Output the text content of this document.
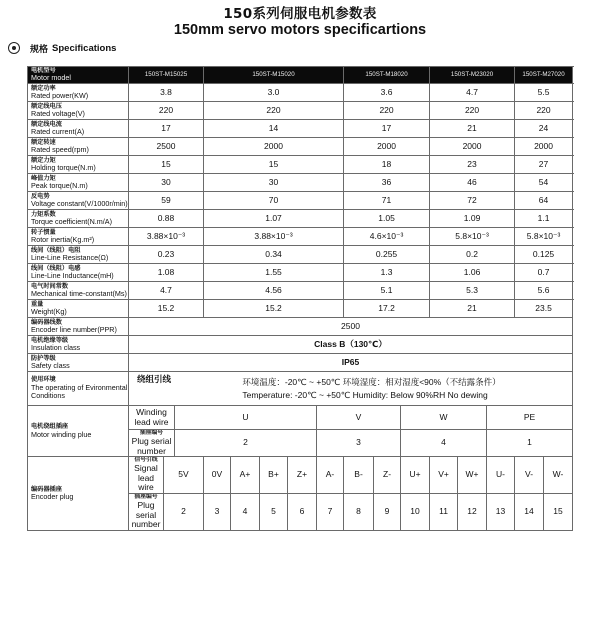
150系列伺服电机参数表
150mm servo motors specificartions
规格 Specifications
电机型号
Motor model	150ST-M15025			150ST-M15020					150ST-M18020			150ST-M23020			150ST-M27020		

额定功率
Rated power(KW)	3.8			3.0					3.6			4.7			5.5		

额定线电压
Rated voltage(V)	220			220					220			220			220		

额定线电流
Rated current(A)	17			14					17			21			24		

额定转速
Rated speed(rpm)	2500			2000					2000			2000			2000		

额定力矩
Holding torque(N.m)	15			15					18			23			27		

峰值力矩
Peak torque(N.m)	30			30					36			46			54		

反电势
Voltage constant(V/1000r/min)	59			70					71			72			64		

力矩系数
Torque coefficient(N.m/A)	0.88			1.07					1.05			1.09			1.1		

转子惯量
Rotor inertia(Kg.m²)	3.88×10⁻³			3.88×10⁻³					4.6×10⁻³			5.8×10⁻³			5.8×10⁻³		

线间（线阻）电阻
Line-Line Resistance(Ω)	0.23			0.34					0.255			0.2			0.125		

线间（线阻）电感
Line-Line Inductance(mH)	1.08			1.55					1.3			1.06			0.7		

电气时间常数
Mechanical time-constant(Ms)	4.7			4.56					5.1			5.3			5.6		

重量
Weight(Kg)	15.2			15.2					17.2			21			23.5		

编码器线数
Encoder line number(PPR)	2500																

电机绝缘等级
Insulation class	Class B（130℃）																

防护等级
Safety class	IP65																

使用环境
The operating of Evironmental Conditions	绕组引线 环境温度：-20℃ ~ +50℃ 环境湿度：相对湿度<90%（不结露条件）
Temperature: -20℃ ~ +50℃ Humidity: Below 90%RH No dewing																

电机绕组插座
Motor winding plue	Winding lead wire		U					V			W			PE			

	插座编号
Plug serial number		2					3			4			1			

编码器插座
Encoder plug	信号引线
Signal lead wire	5V		0V	A+	B+	Z+	A-	B-	Z-	U+	V+	W+	U-	V-	W-	

	插座编号
Plug serial number	2		3	4	5	6	7	8	9	10	11	12	13	14	15	
